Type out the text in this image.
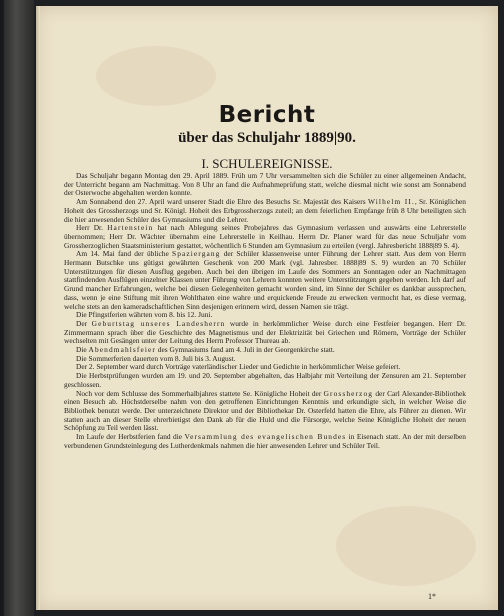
Bericht
über das Schuljahr 1889|90.
I. SCHULEREIGNISSE.

Das Schuljahr begann Montag den 29. April 1889. Früh um 7 Uhr versammelten sich die Schüler zu einer allgemeinen Andacht, der Unterricht begann am Nachmittag. Von 8 Uhr an fand die Aufnahmeprüfung statt, welche diesmal nicht wie sonst am Sonnabend der Osterwoche abgehalten werden konnte.

Am Sonnabend den 27. April ward unserer Stadt die Ehre des Besuchs Sr. Majestät des Kaisers Wilhelm II., Sr. Königlichen Hoheit des Grossherzogs und Sr. Königl. Hoheit des Erbgrossherzogs zuteil; an dem feierlichen Empfange früh 8 Uhr beteiligten sich die hier anwesenden Schüler des Gymnasiums und die Lehrer.

Herr Dr. Hartenstein hat nach Ablegung seines Probejahres das Gymnasium verlassen und auswärts eine Lehrerstelle übernommen; Herr Dr. Wächter übernahm eine Lehrerstelle in Keilhau. Herrn Dr. Planer ward für das neue Schuljahr vom Grossherzoglichen Staatsministerium gestattet, wöchentlich 6 Stunden am Gymnasium zu erteilen (vergl. Jahresbericht 1888|89 S. 4).

Am 14. Mai fand der übliche Spaziergang der Schüler klassenweise unter Führung der Lehrer statt. Aus dem von Herrn Hermann Butschke uns gütigst gewährten Geschenk von 200 Mark (vgl. Jahresber. 1888|89 S. 9) wurden an 70 Schüler Unterstützungen für diesen Ausflug gegeben. Auch bei den übrigen im Laufe des Sommers an Sonntagen oder an Nachmittagen stattfindenden Ausflügen einzelner Klassen unter Führung von Lehrern konnten weitere Unterstützungen gegeben werden. Ich darf auf Grund mancher Erfahrungen, welche bei diesen Gelegenheiten gemacht worden sind, im Sinne der Schüler es dankbar aussprechen, dass, wenn je eine Stiftung mit ihren Wohlthaten eine wahre und erquickende Freude zu erwecken vermocht hat, es diese vermag, welche stets an den kameradschaftlichen Sinn desjenigen erinnern wird, dessen Namen sie trägt.

Die Pfingstferien währten vom 8. bis 12. Juni.

Der Geburtstag unseres Landesherrn wurde in herkömmlicher Weise durch eine Festfeier begangen. Herr Dr. Zimmermann sprach über die Geschichte des Magnetismus und der Elektrizität bei Griechen und Römern, Vorträge der Schüler wechselten mit Gesängen unter der Leitung des Herrn Professor Thureau ab.

Die Abendmahlsfeier des Gymnasiums fand am 4. Juli in der Georgenkirche statt.

Die Sommerferien dauerten vom 8. Juli bis 3. August.

Der 2. September ward durch Vorträge vaterländischer Lieder und Gedichte in herkömmlicher Weise gefeiert.

Die Herbstprüfungen wurden am 19. und 20. September abgehalten, das Halbjahr mit Verteilung der Zensuren am 21. September geschlossen.

Noch vor dem Schlusse des Sommerhalbjahres stattete Se. Königliche Hoheit der Grossherzog der Carl Alexander-Bibliothek einen Besuch ab. Höchstderselbe nahm von den getroffenen Einrichtungen Kenntnis und erkundigte sich, in welcher Weise die Bibliothek benutzt werde. Der unterzeichnete Direktor und der Bibliothekar Dr. Osterfeld hatten die Ehre, als Führer zu dienen. Wir statten auch an dieser Stelle ehrerbietigst den Dank ab für die Huld und die Fürsorge, welche Seine Königliche Hoheit der neuen Schöpfung zu Teil werden lässt.

Im Laufe der Herbstferien fand die Versammlung des evangelischen Bundes in Eisenach statt. An der mit derselben verbundenen Grundsteinlegung des Lutherdenkmals nahmen die hier anwesenden Lehrer und Schüler Teil.

1*
